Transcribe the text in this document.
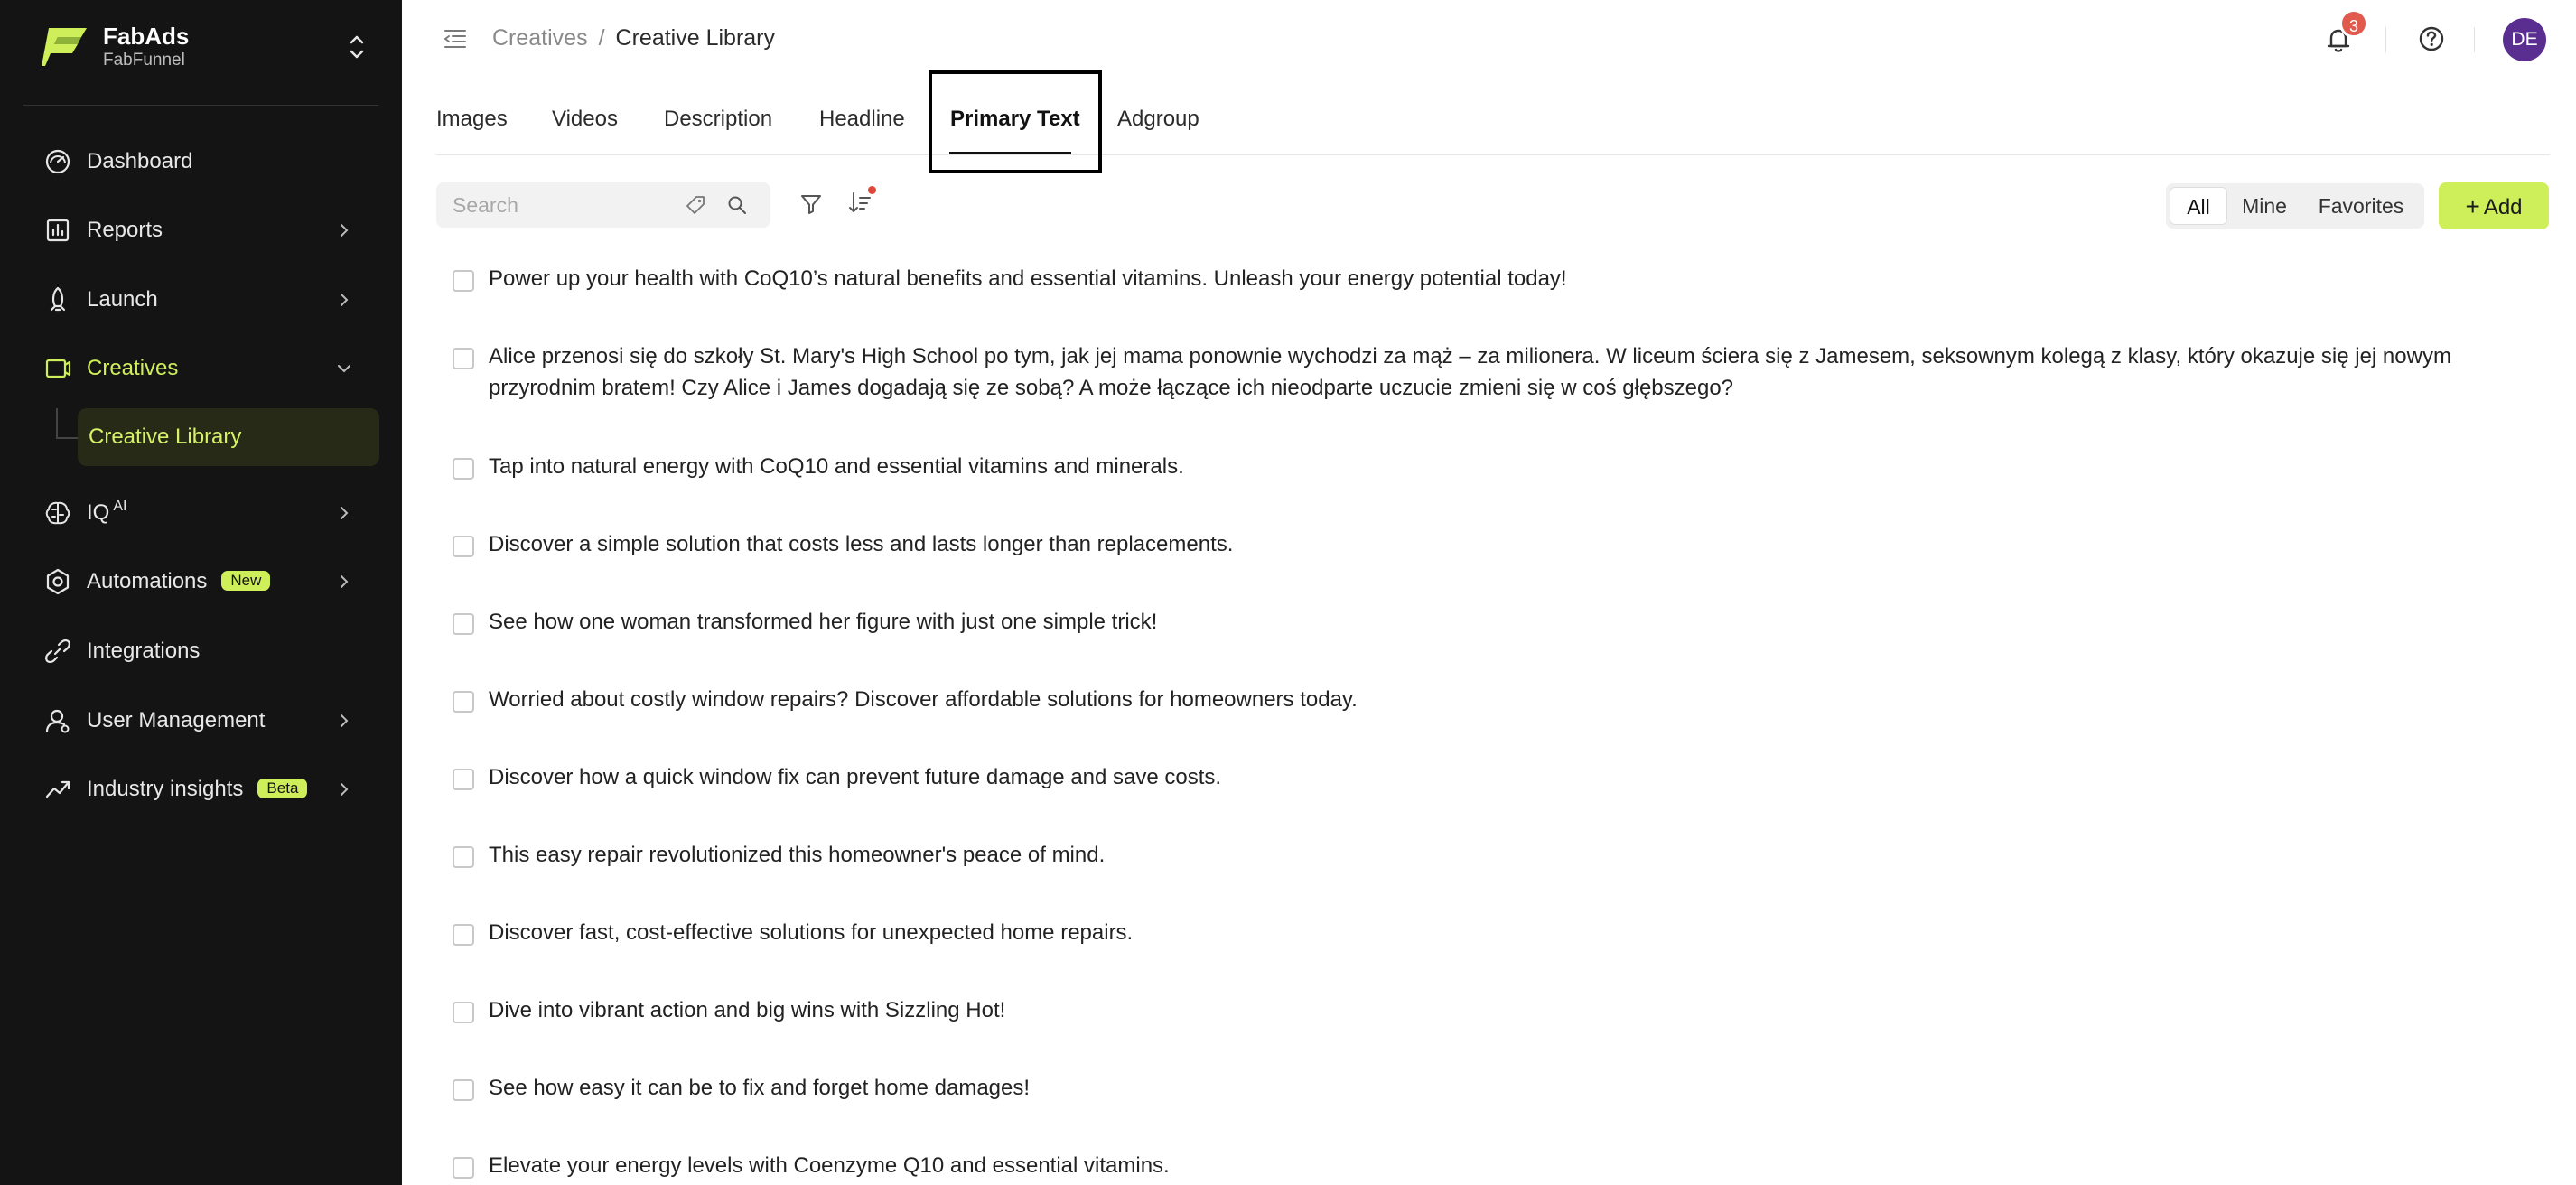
FabAds
FabFunnel
Dashboard
Reports
Launch
Creatives
Creative Library
IQ $^{AI}$
Automations New
Integrations
User Management
Industry insights Beta
Creatives / Creative Library	3
DE
Images Videos Description Headline Primary Text Adgroup
Search
All	Mine	Favorites	+ Add
Power up your health with CoQ10’s natural benefits and essential vitamins. Unleash your energy potential today!
Alice przenosi się do szkoły St. Mary's High School po tym, jak jej mama ponownie wychodzi za mąż – za milionera. W liceum ściera się z Jamesem, seksownym kolegą z klasy, który okazuje się jej nowym przyrodnim bratem! Czy Alice i James dogadają się ze sobą? A może łączące ich nieodparte uczucie zmieni się w coś głębszego?
Tap into natural energy with CoQ10 and essential vitamins and minerals.
Discover a simple solution that costs less and lasts longer than replacements.
See how one woman transformed her figure with just one simple trick!
Worried about costly window repairs? Discover affordable solutions for homeowners today.
Discover how a quick window fix can prevent future damage and save costs.
This easy repair revolutionized this homeowner's peace of mind.
Discover fast, cost-effective solutions for unexpected home repairs.
Dive into vibrant action and big wins with Sizzling Hot!
See how easy it can be to fix and forget home damages!
Elevate your energy levels with Coenzyme Q10 and essential vitamins.
